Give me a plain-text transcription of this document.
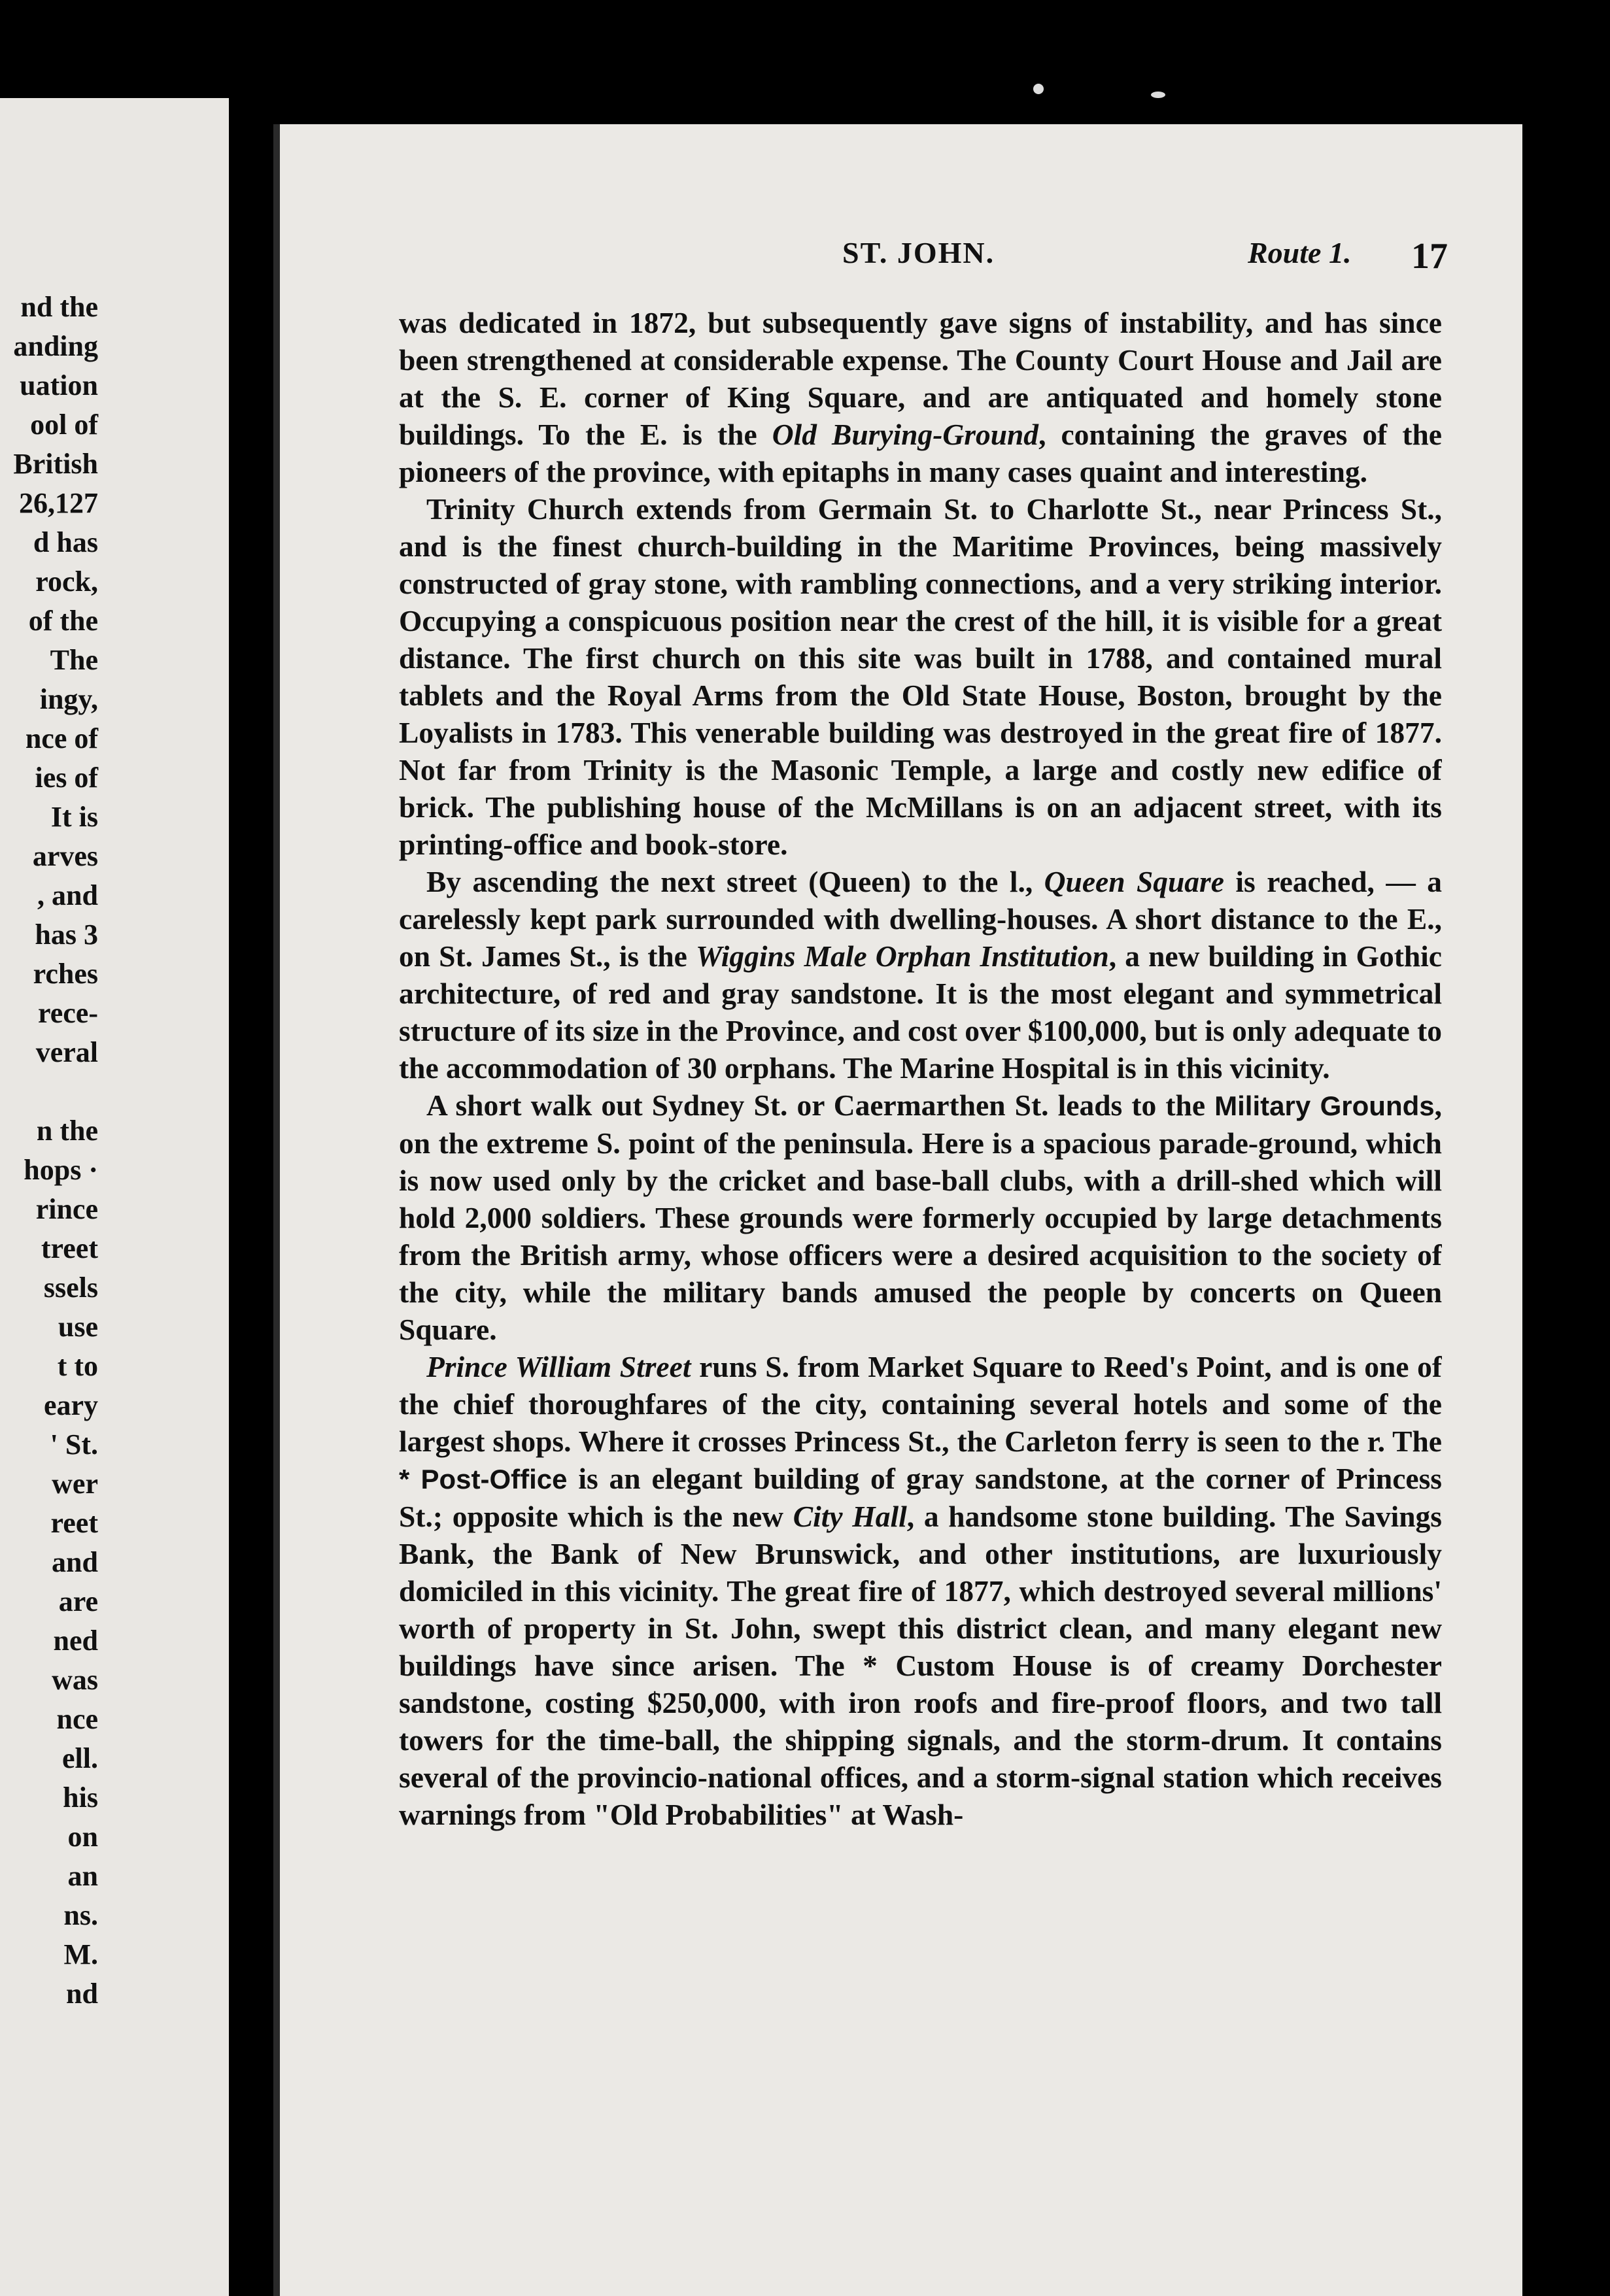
nd the
anding
uation
ool of
British
26,127
d has
rock,
of the
The
ingy,
nce of
ies of
It is
arves
, and
has 3
rches
rece-
veral
n the
hops ·
rince
treet
ssels
use
t to
eary
' St.
wer
reet
and
are
ned
was
nce
ell.
his
on
an
ns.
M.
nd
ST. JOHN.	Route 1. 17

was dedicated in 1872, but subsequently gave signs of instability, and has since been strengthened at considerable expense. The County Court House and Jail are at the S. E. corner of King Square, and are antiquated and homely stone buildings. To the E. is the Old Burying-Ground, containing the graves of the pioneers of the province, with epitaphs in many cases quaint and interesting.

Trinity Church extends from Germain St. to Charlotte St., near Princess St., and is the finest church-building in the Maritime Provinces, being massively constructed of gray stone, with rambling connections, and a very striking interior. Occupying a conspicuous position near the crest of the hill, it is visible for a great distance. The first church on this site was built in 1788, and contained mural tablets and the Royal Arms from the Old State House, Boston, brought by the Loyalists in 1783. This venerable building was destroyed in the great fire of 1877. Not far from Trinity is the Masonic Temple, a large and costly new edifice of brick. The publishing house of the McMillans is on an adjacent street, with its printing-office and book-store.

By ascending the next street (Queen) to the l., Queen Square is reached, — a carelessly kept park surrounded with dwelling-houses. A short distance to the E., on St. James St., is the Wiggins Male Orphan Institution, a new building in Gothic architecture, of red and gray sandstone. It is the most elegant and symmetrical structure of its size in the Province, and cost over $100,000, but is only adequate to the accommodation of 30 orphans. The Marine Hospital is in this vicinity.

A short walk out Sydney St. or Caermarthen St. leads to the Military Grounds, on the extreme S. point of the peninsula. Here is a spacious parade-ground, which is now used only by the cricket and base-ball clubs, with a drill-shed which will hold 2,000 soldiers. These grounds were formerly occupied by large detachments from the British army, whose officers were a desired acquisition to the society of the city, while the military bands amused the people by concerts on Queen Square.

Prince William Street runs S. from Market Square to Reed's Point, and is one of the chief thoroughfares of the city, containing several hotels and some of the largest shops. Where it crosses Princess St., the Carleton ferry is seen to the r. The * Post-Office is an elegant building of gray sandstone, at the corner of Princess St.; opposite which is the new City Hall, a handsome stone building. The Savings Bank, the Bank of New Brunswick, and other institutions, are luxuriously domiciled in this vicinity. The great fire of 1877, which destroyed several millions' worth of property in St. John, swept this district clean, and many elegant new buildings have since arisen. The * Custom House is of creamy Dorchester sandstone, costing $250,000, with iron roofs and fire-proof floors, and two tall towers for the time-ball, the shipping signals, and the storm-drum. It contains several of the provincio-national offices, and a storm-signal station which receives warnings from "Old Probabilities" at Wash-
